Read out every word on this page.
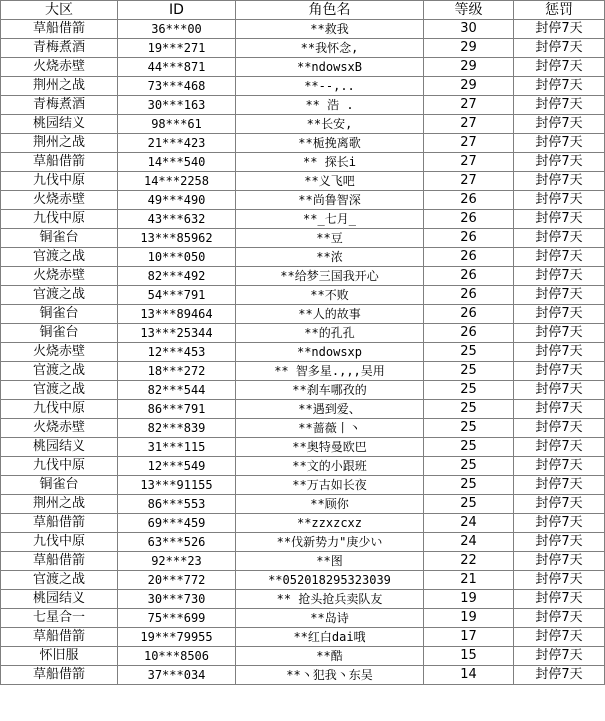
大区	ID	角色名	等级	惩罚
草船借箭	36***00	**救我	30	封停7天
青梅煮酒	19***271	**我怀念,	29	封停7天
火烧赤壁	44***871	**ndowsxB	29	封停7天
荆州之战	73***468	**--,..	29	封停7天
青梅煮酒	30***163	** 浩 .	27	封停7天
桃园结义	98***61	**长安,	27	封停7天
荆州之战	21***423	**栀挽离歌	27	封停7天
草船借箭	14***540	** 探长i	27	封停7天
九伐中原	14***2258	**义飞吧	27	封停7天
火烧赤壁	49***490	**尚鲁智深	26	封停7天
九伐中原	43***632	**_七月_	26	封停7天
铜雀台	13***85962	**豆	26	封停7天
官渡之战	10***050	**浓	26	封停7天
火烧赤壁	82***492	**给梦三国我开心	26	封停7天
官渡之战	54***791	**不败	26	封停7天
铜雀台	13***89464	**人的故事	26	封停7天
铜雀台	13***25344	**的孔孔	26	封停7天
火烧赤壁	12***453	**ndowsxp	25	封停7天
官渡之战	18***272	** 智多星.,,,吴用	25	封停7天
官渡之战	82***544	**刹车哪孜的	25	封停7天
九伐中原	86***791	**遇到爱、	25	封停7天
火烧赤壁	82***839	**蔷薇丨丶	25	封停7天
桃园结义	31***115	**奥特曼欧巴	25	封停7天
九伐中原	12***549	**文的小跟班	25	封停7天
铜雀台	13***91155	**万古如长夜	25	封停7天
荆州之战	86***553	**顾你	25	封停7天
草船借箭	69***459	**zzxzcxz	24	封停7天
九伐中原	63***526	**伐新势力"庚少い	24	封停7天
草船借箭	92***23	**图	22	封停7天
官渡之战	20***772	**052018295323039	21	封停7天
桃园结义	30***730	** 抢头抢兵卖队友	19	封停7天
七星合一	75***699	**岛诗	19	封停7天
草船借箭	19***79955	**红白dai哦	17	封停7天
怀旧服	10***8506	**酷	15	封停7天
草船借箭	37***034	**丶犯我丶东吴	14	封停7天
